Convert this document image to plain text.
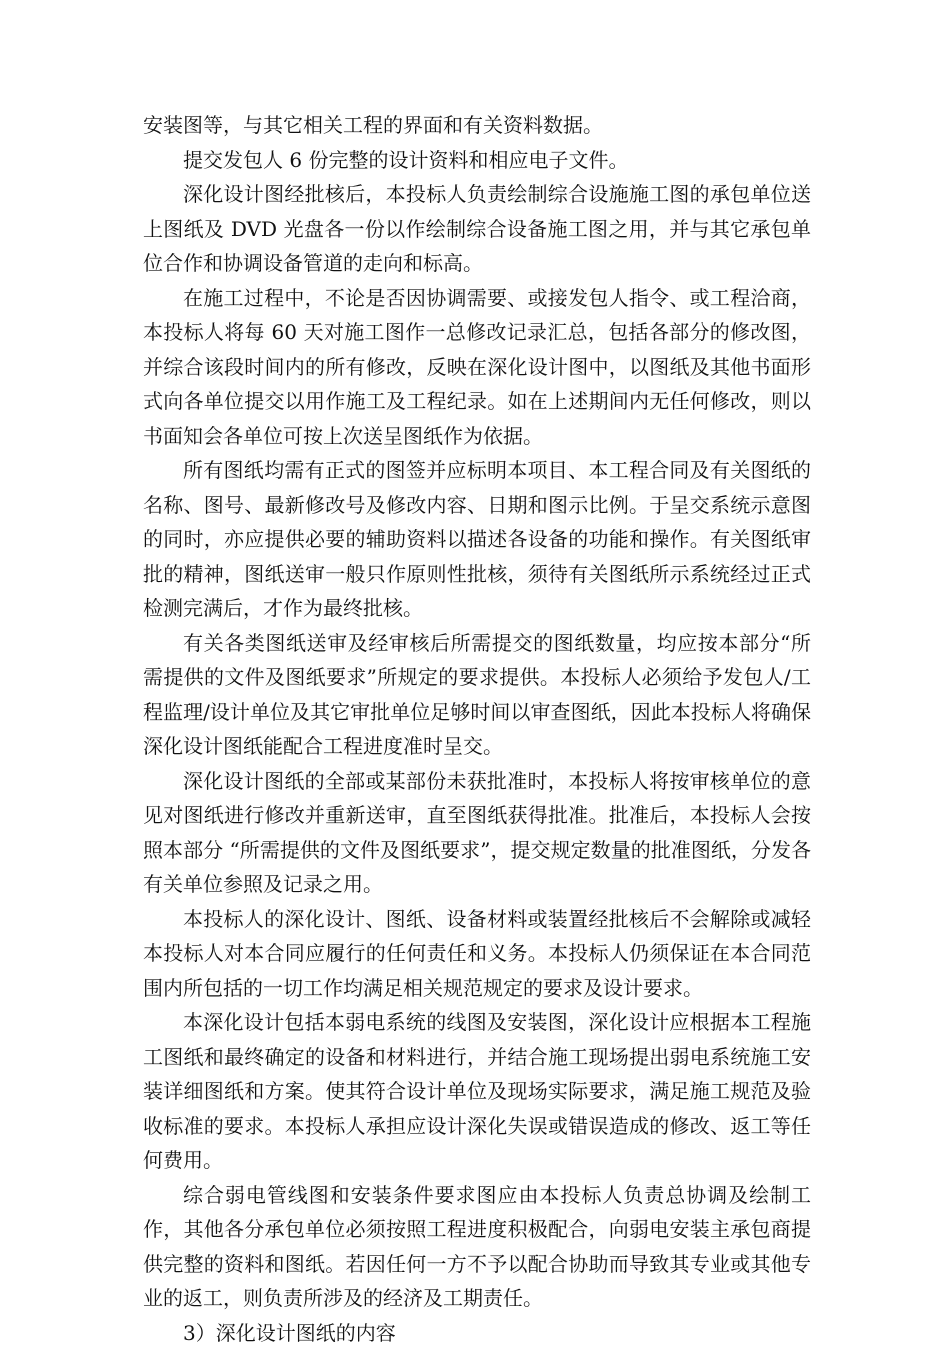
安装图等，与其它相关工程的界面和有关资料数据。

提交发包人 6 份完整的设计资料和相应电子文件。

深化设计图经批核后，本投标人负责绘制综合设施施工图的承包单位送上图纸及 DVD 光盘各一份以作绘制综合设备施工图之用，并与其它承包单位合作和协调设备管道的走向和标高。

在施工过程中，不论是否因协调需要、或接发包人指令、或工程洽商，本投标人将每 60 天对施工图作一总修改记录汇总，包括各部分的修改图，并综合该段时间内的所有修改，反映在深化设计图中，以图纸及其他书面形式向各单位提交以用作施工及工程纪录。如在上述期间内无任何修改，则以书面知会各单位可按上次送呈图纸作为依据。

所有图纸均需有正式的图签并应标明本项目、本工程合同及有关图纸的名称、图号、最新修改号及修改内容、日期和图示比例。于呈交系统示意图的同时，亦应提供必要的辅助资料以描述各设备的功能和操作。有关图纸审批的精神，图纸送审一般只作原则性批核，须待有关图纸所示系统经过正式检测完满后，才作为最终批核。

有关各类图纸送审及经审核后所需提交的图纸数量，均应按本部分“所需提供的文件及图纸要求”所规定的要求提供。本投标人必须给予发包人/工程监理/设计单位及其它审批单位足够时间以审查图纸，因此本投标人将确保深化设计图纸能配合工程进度准时呈交。

深化设计图纸的全部或某部份未获批准时，本投标人将按审核单位的意见对图纸进行修改并重新送审，直至图纸获得批准。批准后，本投标人会按照本部分 “所需提供的文件及图纸要求”，提交规定数量的批准图纸，分发各有关单位参照及记录之用。

本投标人的深化设计、图纸、设备材料或装置经批核后不会解除或减轻本投标人对本合同应履行的任何责任和义务。本投标人仍须保证在本合同范围内所包括的一切工作均满足相关规范规定的要求及设计要求。

本深化设计包括本弱电系统的线图及安装图，深化设计应根据本工程施工图纸和最终确定的设备和材料进行，并结合施工现场提出弱电系统施工安装详细图纸和方案。使其符合设计单位及现场实际要求，满足施工规范及验收标准的要求。本投标人承担应设计深化失误或错误造成的修改、返工等任何费用。

综合弱电管线图和安装条件要求图应由本投标人负责总协调及绘制工作，其他各分承包单位必须按照工程进度积极配合，向弱电安装主承包商提供完整的资料和图纸。若因任何一方不予以配合协助而导致其专业或其他专业的返工，则负责所涉及的经济及工期责任。

3）深化设计图纸的内容
